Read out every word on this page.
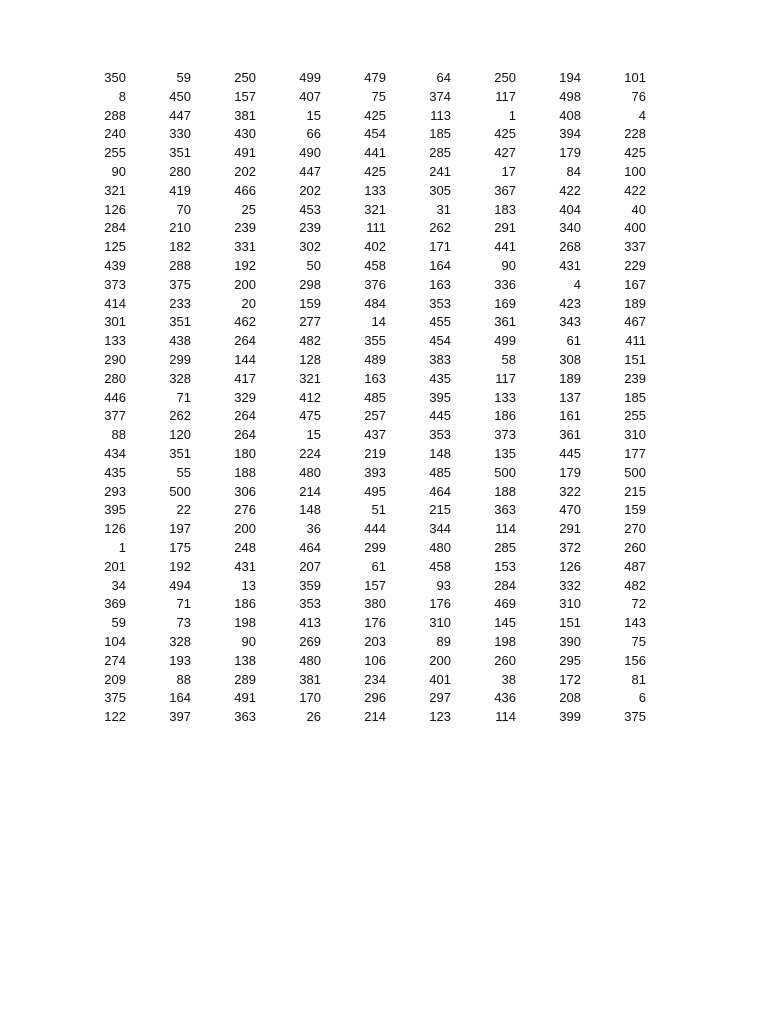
350	59	250	499	479	64	250	194	101
8	450	157	407	75	374	117	498	76
288	447	381	15	425	113	1	408	4
240	330	430	66	454	185	425	394	228
255	351	491	490	441	285	427	179	425
90	280	202	447	425	241	17	84	100
321	419	466	202	133	305	367	422	422
126	70	25	453	321	31	183	404	40
284	210	239	239	111	262	291	340	400
125	182	331	302	402	171	441	268	337
439	288	192	50	458	164	90	431	229
373	375	200	298	376	163	336	4	167
414	233	20	159	484	353	169	423	189
301	351	462	277	14	455	361	343	467
133	438	264	482	355	454	499	61	411
290	299	144	128	489	383	58	308	151
280	328	417	321	163	435	117	189	239
446	71	329	412	485	395	133	137	185
377	262	264	475	257	445	186	161	255
88	120	264	15	437	353	373	361	310
434	351	180	224	219	148	135	445	177
435	55	188	480	393	485	500	179	500
293	500	306	214	495	464	188	322	215
395	22	276	148	51	215	363	470	159
126	197	200	36	444	344	114	291	270
1	175	248	464	299	480	285	372	260
201	192	431	207	61	458	153	126	487
34	494	13	359	157	93	284	332	482
369	71	186	353	380	176	469	310	72
59	73	198	413	176	310	145	151	143
104	328	90	269	203	89	198	390	75
274	193	138	480	106	200	260	295	156
209	88	289	381	234	401	38	172	81
375	164	491	170	296	297	436	208	6
122	397	363	26	214	123	114	399	375
